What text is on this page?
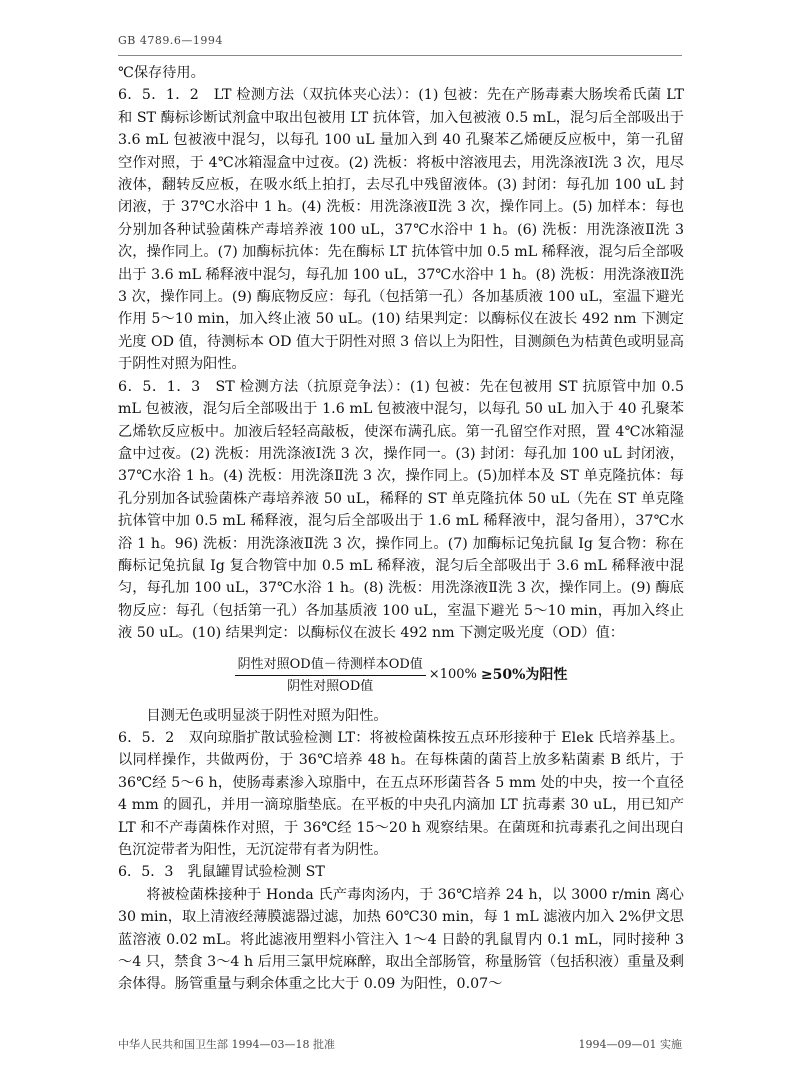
GB 4789.6—1994

℃保存待用。

6．5．1．2　LT 检测方法（双抗体夹心法）：(1) 包被：先在产肠毒素大肠埃希氏菌 LT 和 ST 酶标诊断试剂盒中取出包被用 LT 抗体管，加入包被液 0.5 mL，混匀后全部吸出于 3.6 mL 包被液中混匀，以每孔 100 uL 量加入到 40 孔聚苯乙烯硬反应板中，第一孔留空作对照，于 4℃冰箱湿盒中过夜。(2) 洗板：将板中溶液甩去，用洗涤液Ⅰ洗 3 次，甩尽液体，翻转反应板，在吸水纸上拍打，去尽孔中残留液体。(3) 封闭：每孔加 100 uL 封闭液，于 37℃水浴中 1 h。(4) 洗板：用洗涤液Ⅱ洗 3 次，操作同上。(5) 加样本：每也分别加各种试验菌株产毒培养液 100 uL，37℃水浴中 1 h。(6) 洗板：用洗涤液Ⅱ洗 3 次，操作同上。(7) 加酶标抗体：先在酶标 LT 抗体管中加 0.5 mL 稀释液，混匀后全部吸出于 3.6 mL 稀释液中混匀，每孔加 100 uL，37℃水浴中 1 h。(8) 洗板：用洗涤液Ⅱ洗 3 次，操作同上。(9) 酶底物反应：每孔（包括第一孔）各加基质液 100 uL，室温下避光作用 5～10 min，加入终止液 50 uL。(10) 结果判定：以酶标仪在波长 492 nm 下测定光度 OD 值，待测标本 OD 值大于阴性对照 3 倍以上为阳性，目测颜色为桔黄色或明显高于阴性对照为阳性。

6．5．1．3　ST 检测方法（抗原竞争法）：(1) 包被：先在包被用 ST 抗原管中加 0.5 mL 包被液，混匀后全部吸出于 1.6 mL 包被液中混匀，以每孔 50 uL 加入于 40 孔聚苯乙烯软反应板中。加液后轻轻高敲板，使深布满孔底。第一孔留空作对照，置 4℃冰箱湿盒中过夜。(2) 洗板：用洗涤液Ⅰ洗 3 次，操作同一。(3) 封闭：每孔加 100 uL 封闭液，37℃水浴 1 h。(4) 洗板：用洗涤Ⅱ洗 3 次，操作同上。(5)加样本及 ST 单克隆抗体：每孔分别加各试验菌株产毒培养液 50 uL，稀释的 ST 单克隆抗体 50 uL（先在 ST 单克隆抗体管中加 0.5 mL 稀释液，混匀后全部吸出于 1.6 mL 稀释液中，混匀备用），37℃水浴 1 h。96) 洗板：用洗涤液Ⅱ洗 3 次，操作同上。(7) 加酶标记兔抗鼠 Ig 复合物：称在酶标记兔抗鼠 Ig 复合物管中加 0.5 mL 稀释液，混匀后全部吸出于 3.6 mL 稀释液中混匀，每孔加 100 uL，37℃水浴 1 h。(8) 洗板：用洗涤液Ⅱ洗 3 次，操作同上。(9) 酶底物反应：每孔（包括第一孔）各加基质液 100 uL，室温下避光 5～10 min，再加入终止液 50 uL。(10) 结果判定：以酶标仪在波长 492 nm 下测定吸光度（OD）值：

$\frac{\text{阴性对照OD值－待测样本OD值}}{\text{阴性对照OD值}} \times 100\% \ge 50\%$为阳性

目测无色或明显淡于阴性对照为阳性。

6．5．2　双向琼脂扩散试验检测 LT：将被检菌株按五点环形接种于 Elek 氏培养基上。以同样操作，共做两份，于 36℃培养 48 h。在每株菌的菌苔上放多粘菌素 B 纸片，于 36℃经 5～6 h，使肠毒素渗入琼脂中，在五点环形菌苔各 5 mm 处的中央，按一个直径 4 mm 的圆孔，并用一滴琼脂垫底。在平板的中央孔内滴加 LT 抗毒素 30 uL，用已知产 LT 和不产毒菌株作对照，于 36℃经 15～20 h 观察结果。在菌斑和抗毒素孔之间出现白色沉淀带者为阳性，无沉淀带有者为阴性。

6．5．3　乳鼠罐胃试验检测 ST

将被检菌株接种于 Honda 氏产毒肉汤内，于 36℃培养 24 h，以 3000 r/min 离心 30 min，取上清液经薄膜滤器过滤，加热 60℃30 min，每 1 mL 滤液内加入 2%伊文思蓝溶液 0.02 mL。将此滤液用塑料小管注入 1～4 日龄的乳鼠胃内 0.1 mL，同时接种 3～4 只，禁食 3～4 h 后用三氯甲烷麻醉，取出全部肠管，称量肠管（包括积液）重量及剩余体得。肠管重量与剩余体重之比大于 0.09 为阳性，0.07～

中华人民共和国卫生部 1994—03—18 批准	1994—09—01 实施
